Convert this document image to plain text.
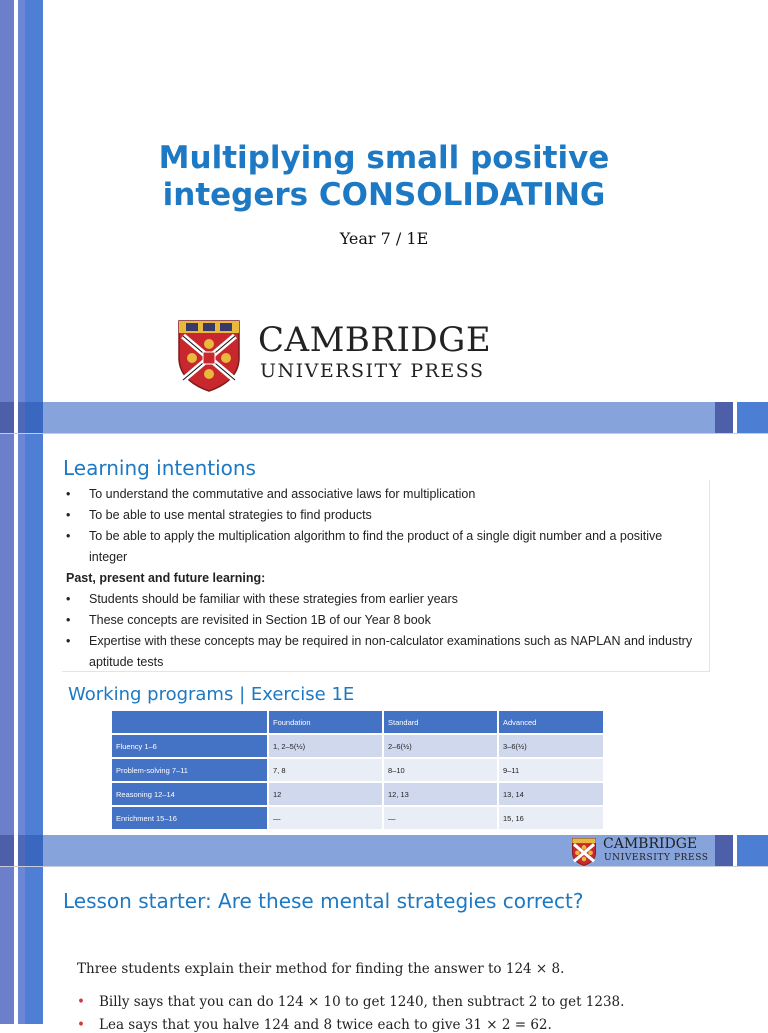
Multiplying small positive
integers CONSOLIDATING
Year 7 / 1E
CAMBRIDGE
UNIVERSITY PRESS
Learning intentions
• To understand the commutative and associative laws for multiplication
• To be able to use mental strategies to find products
• To be able to apply the multiplication algorithm to find the product of a single digit number and a positive
integer
Past, present and future learning:
• Students should be familiar with these strategies from earlier years
• These concepts are revisited in Section 1B of our Year 8 book
• Expertise with these concepts may be required in non-calculator examinations such as NAPLAN and industry
aptitude tests
Working programs | Exercise 1E
	Foundation	Standard	Advanced
Fluency 1–6	1, 2–5(½)	2–6(½)	3–6(½)
Problem-solving 7–11	7, 8	8–10	9–11
Reasoning 12–14	12	12, 13	13, 14
Enrichment 15–16	—	—	15, 16
CAMBRIDGE
UNIVERSITY PRESS
Lesson starter: Are these mental strategies correct?
Three students explain their method for finding the answer to 124 × 8.
• Billy says that you can do 124 × 10 to get 1240, then subtract 2 to get 1238.
• Lea says that you halve 124 and 8 twice each to give 31 × 2 = 62.
